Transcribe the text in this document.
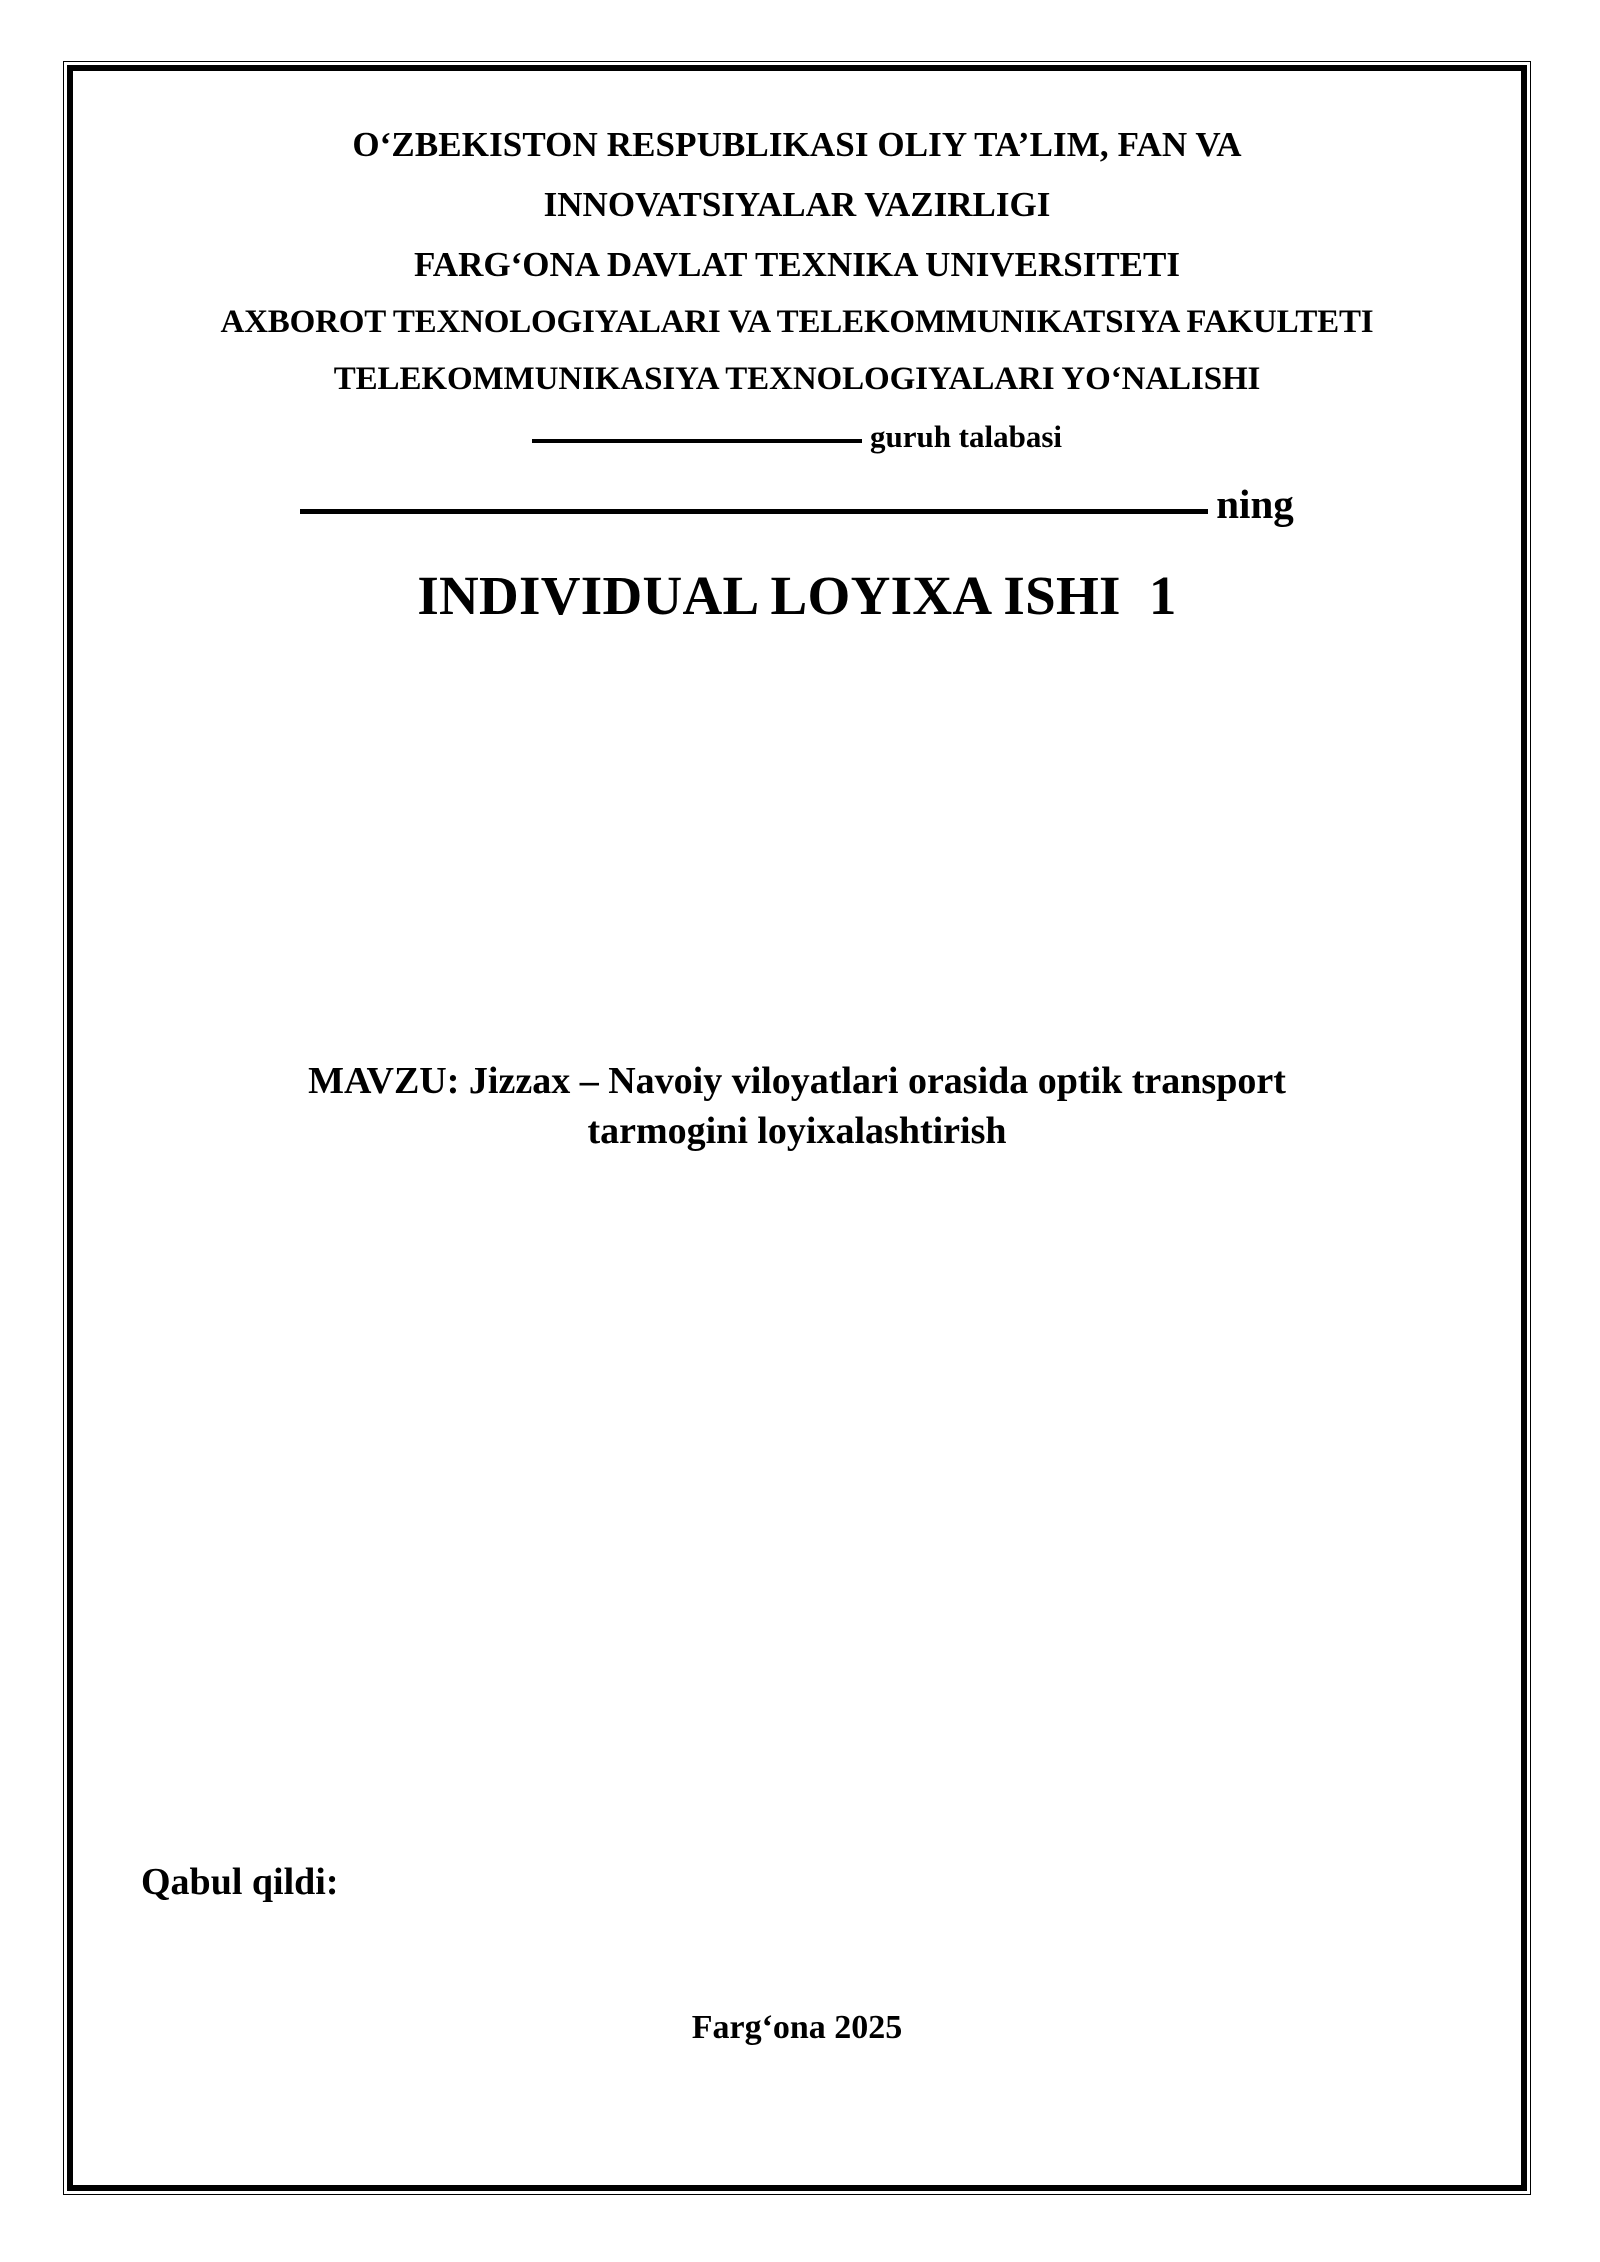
O‘ZBEKISTON RESPUBLIKASI OLIY TA’LIM, FAN VA
INNOVATSIYALAR VAZIRLIGI
FARG‘ONA DAVLAT TEXNIKA UNIVERSITETI
AXBOROT TEXNOLOGIYALARI VA TELEKOMMUNIKATSIYA FAKULTETI
TELEKOMMUNIKASIYA TEXNOLOGIYALARI YO‘NALISHI
guruh talabasi
ning
INDIVIDUAL LOYIXA ISHI  1
MAVZU: Jizzax – Navoiy viloyatlari orasida optik transport
tarmogini loyixalashtirish
Qabul qildi:
Farg‘ona 2025
